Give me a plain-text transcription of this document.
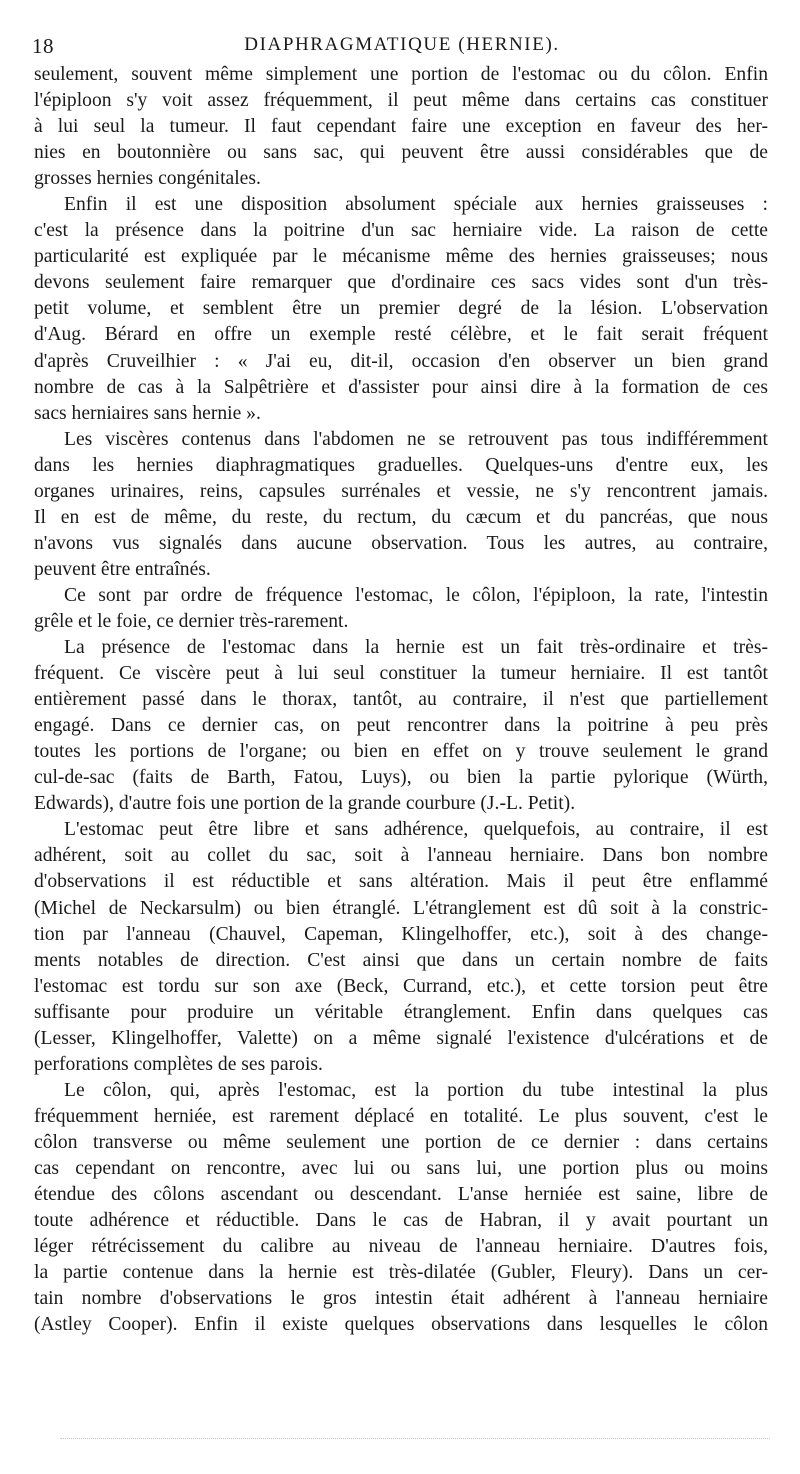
18	DIAPHRAGMATIQUE (HERNIE).
seulement, souvent même simplement une portion de l'estomac ou du côlon. Enfin
l'épiploon s'y voit assez fréquemment, il peut même dans certains cas constituer
à lui seul la tumeur. Il faut cependant faire une exception en faveur des her-
nies en boutonnière ou sans sac, qui peuvent être aussi considérables que de
grosses hernies congénitales.
Enfin il est une disposition absolument spéciale aux hernies graisseuses :
c'est la présence dans la poitrine d'un sac herniaire vide. La raison de cette
particularité est expliquée par le mécanisme même des hernies graisseuses; nous
devons seulement faire remarquer que d'ordinaire ces sacs vides sont d'un très-
petit volume, et semblent être un premier degré de la lésion. L'observation
d'Aug. Bérard en offre un exemple resté célèbre, et le fait serait fréquent
d'après Cruveilhier : « J'ai eu, dit-il, occasion d'en observer un bien grand
nombre de cas à la Salpêtrière et d'assister pour ainsi dire à la formation de ces
sacs herniaires sans hernie ».
Les viscères contenus dans l'abdomen ne se retrouvent pas tous indifféremment
dans les hernies diaphragmatiques graduelles. Quelques-uns d'entre eux, les
organes urinaires, reins, capsules surrénales et vessie, ne s'y rencontrent jamais.
Il en est de même, du reste, du rectum, du cæcum et du pancréas, que nous
n'avons vus signalés dans aucune observation. Tous les autres, au contraire,
peuvent être entraînés.
Ce sont par ordre de fréquence l'estomac, le côlon, l'épiploon, la rate, l'intestin
grêle et le foie, ce dernier très-rarement.
La présence de l'estomac dans la hernie est un fait très-ordinaire et très-
fréquent. Ce viscère peut à lui seul constituer la tumeur herniaire. Il est tantôt
entièrement passé dans le thorax, tantôt, au contraire, il n'est que partiellement
engagé. Dans ce dernier cas, on peut rencontrer dans la poitrine à peu près
toutes les portions de l'organe; ou bien en effet on y trouve seulement le grand
cul-de-sac (faits de Barth, Fatou, Luys), ou bien la partie pylorique (Würth,
Edwards), d'autre fois une portion de la grande courbure (J.-L. Petit).
L'estomac peut être libre et sans adhérence, quelquefois, au contraire, il est
adhérent, soit au collet du sac, soit à l'anneau herniaire. Dans bon nombre
d'observations il est réductible et sans altération. Mais il peut être enflammé
(Michel de Neckarsulm) ou bien étranglé. L'étranglement est dû soit à la constric-
tion par l'anneau (Chauvel, Capeman, Klingelhoffer, etc.), soit à des change-
ments notables de direction. C'est ainsi que dans un certain nombre de faits
l'estomac est tordu sur son axe (Beck, Currand, etc.), et cette torsion peut être
suffisante pour produire un véritable étranglement. Enfin dans quelques cas
(Lesser, Klingelhoffer, Valette) on a même signalé l'existence d'ulcérations et de
perforations complètes de ses parois.
Le côlon, qui, après l'estomac, est la portion du tube intestinal la plus
fréquemment herniée, est rarement déplacé en totalité. Le plus souvent, c'est le
côlon transverse ou même seulement une portion de ce dernier : dans certains
cas cependant on rencontre, avec lui ou sans lui, une portion plus ou moins
étendue des côlons ascendant ou descendant. L'anse herniée est saine, libre de
toute adhérence et réductible. Dans le cas de Habran, il y avait pourtant un
léger rétrécissement du calibre au niveau de l'anneau herniaire. D'autres fois,
la partie contenue dans la hernie est très-dilatée (Gubler, Fleury). Dans un cer-
tain nombre d'observations le gros intestin était adhérent à l'anneau herniaire
(Astley Cooper). Enfin il existe quelques observations dans lesquelles le côlon
